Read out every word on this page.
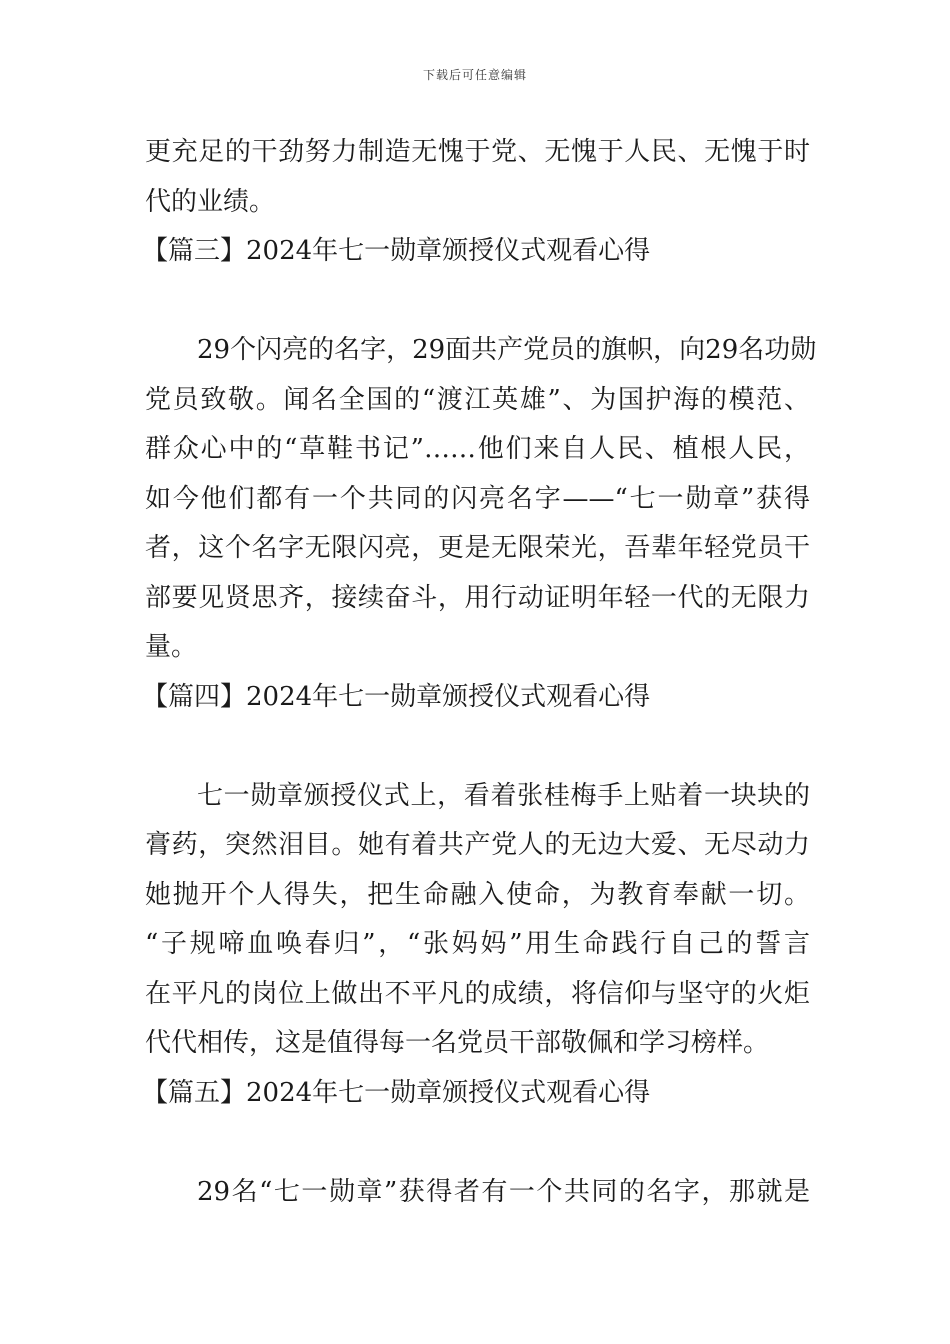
下载后可任意编辑
更充足的干劲努力制造无愧于党、无愧于人民、无愧于时
代的业绩。
【篇三】2024年七一勋章颁授仪式观看心得
29个闪亮的名字，29面共产党员的旗帜，向29名功勋
党员致敬。闻名全国的“渡江英雄”、为国护海的模范、
群众心中的“草鞋书记”……他们来自人民、植根人民，
如今他们都有一个共同的闪亮名字——“七一勋章”获得
者，这个名字无限闪亮，更是无限荣光，吾辈年轻党员干
部要见贤思齐，接续奋斗，用行动证明年轻一代的无限力
量。
【篇四】2024年七一勋章颁授仪式观看心得
七一勋章颁授仪式上，看着张桂梅手上贴着一块块的
膏药，突然泪目。她有着共产党人的无边大爱、无尽动力
她抛开个人得失，把生命融入使命，为教育奉献一切。
“子规啼血唤春归”，“张妈妈”用生命践行自己的誓言
在平凡的岗位上做出不平凡的成绩，将信仰与坚守的火炬
代代相传，这是值得每一名党员干部敬佩和学习榜样。
【篇五】2024年七一勋章颁授仪式观看心得
29名“七一勋章”获得者有一个共同的名字，那就是
